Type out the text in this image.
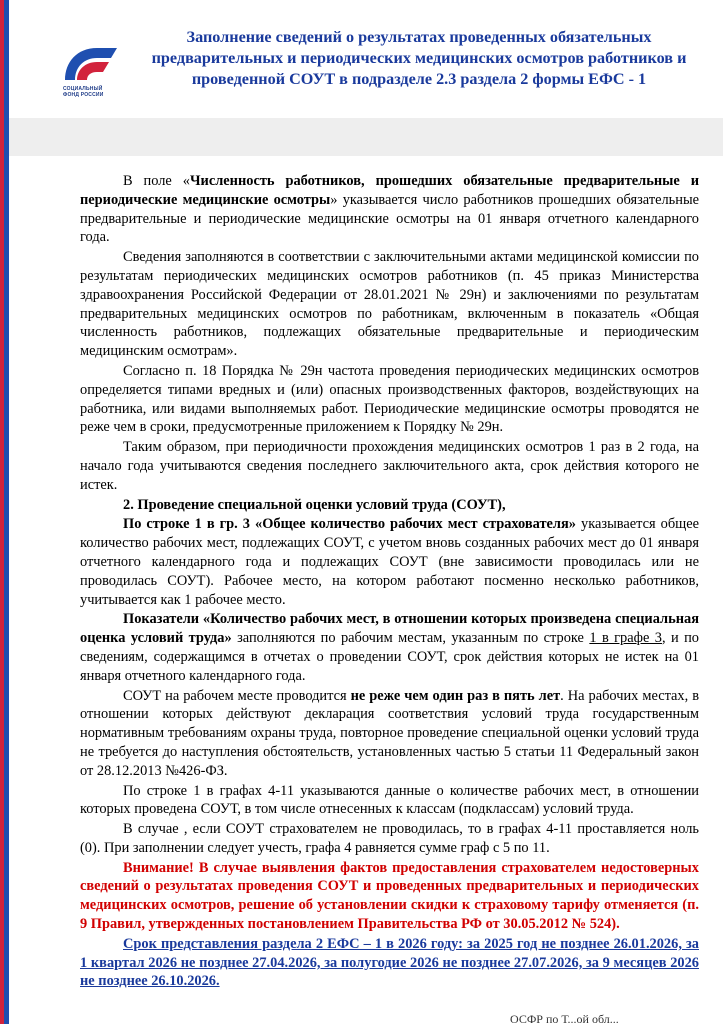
СОЦИАЛЬНЫЙ
ФОНД РОССИИ
Заполнение сведений о результатах проведенных обязательных предварительных и периодических медицинских осмотров работников и проведенной СОУТ в подразделе 2.3 раздела 2 формы ЕФС - 1

В поле «Численность работников, прошедших обязательные предварительные и периодические медицинские осмотры» указывается число работников прошедших обязательные предварительные и периодические медицинские осмотры на 01 января отчетного календарного года.

Сведения заполняются в соответствии с заключительными актами медицинской комиссии по результатам периодических медицинских осмотров работников (п. 45 приказ Министерства здравоохранения Российской Федерации от 28.01.2021 № 29н) и заключениями по результатам предварительных медицинских осмотров по работникам, включенным в показатель «Общая численность работников, подлежащих обязательные предварительные и периодическим медицинским осмотрам».

Согласно п. 18 Порядка № 29н частота проведения периодических медицинских осмотров определяется типами вредных и (или) опасных производственных факторов, воздействующих на работника, или видами выполняемых работ. Периодические медицинские осмотры проводятся не реже чем в сроки, предусмотренные приложением к Порядку № 29н.

Таким образом, при периодичности прохождения медицинских осмотров 1 раз в 2 года, на начало года учитываются сведения последнего заключительного акта, срок действия которого не истек.

2. Проведение специальной оценки условий труда (СОУТ),

По строке 1 в гр. 3 «Общее количество рабочих мест страхователя» указывается общее количество рабочих мест, подлежащих СОУТ, с учетом вновь созданных рабочих мест до 01 января отчетного календарного года и подлежащих СОУТ (вне зависимости проводилась или не проводилась СОУТ). Рабочее место, на котором работают посменно несколько работников, учитывается как 1 рабочее место.

Показатели «Количество рабочих мест, в отношении которых произведена специальная оценка условий труда» заполняются по рабочим местам, указанным по строке 1 в графе 3, и по сведениям, содержащимся в отчетах о проведении СОУТ, срок действия которых не истек на 01 января отчетного календарного года.

СОУТ на рабочем месте проводится не реже чем один раз в пять лет. На рабочих местах, в отношении которых действуют декларация соответствия условий труда государственным нормативным требованиям охраны труда, повторное проведение специальной оценки условий труда не требуется до наступления обстоятельств, установленных частью 5 статьи 11 Федеральный закон от 28.12.2013 №426-ФЗ.

По строке 1 в графах 4-11 указываются данные о количестве рабочих мест, в отношении которых проведена СОУТ, в том числе отнесенных к классам (подклассам) условий труда.

В случае , если СОУТ страхователем не проводилась, то в графах 4-11 проставляется ноль (0). При заполнении следует учесть, графа 4 равняется сумме граф с 5 по 11.

Внимание! В случае выявления фактов предоставления страхователем недостоверных сведений о результатах проведения СОУТ и проведенных предварительных и периодических медицинских осмотров, решение об установлении скидки к страховому тарифу отменяется (п. 9 Правил, утвержденных постановлением Правительства РФ от 30.05.2012 № 524).

Срок представления раздела 2 ЕФС – 1 в 2026 году: за 2025 год не позднее 26.01.2026, за 1 квартал 2026 не позднее 27.04.2026, за полугодие 2026 не позднее 27.07.2026, за 9 месяцев 2026 не позднее 26.10.2026.

ОСФР по Т...ой обл...
